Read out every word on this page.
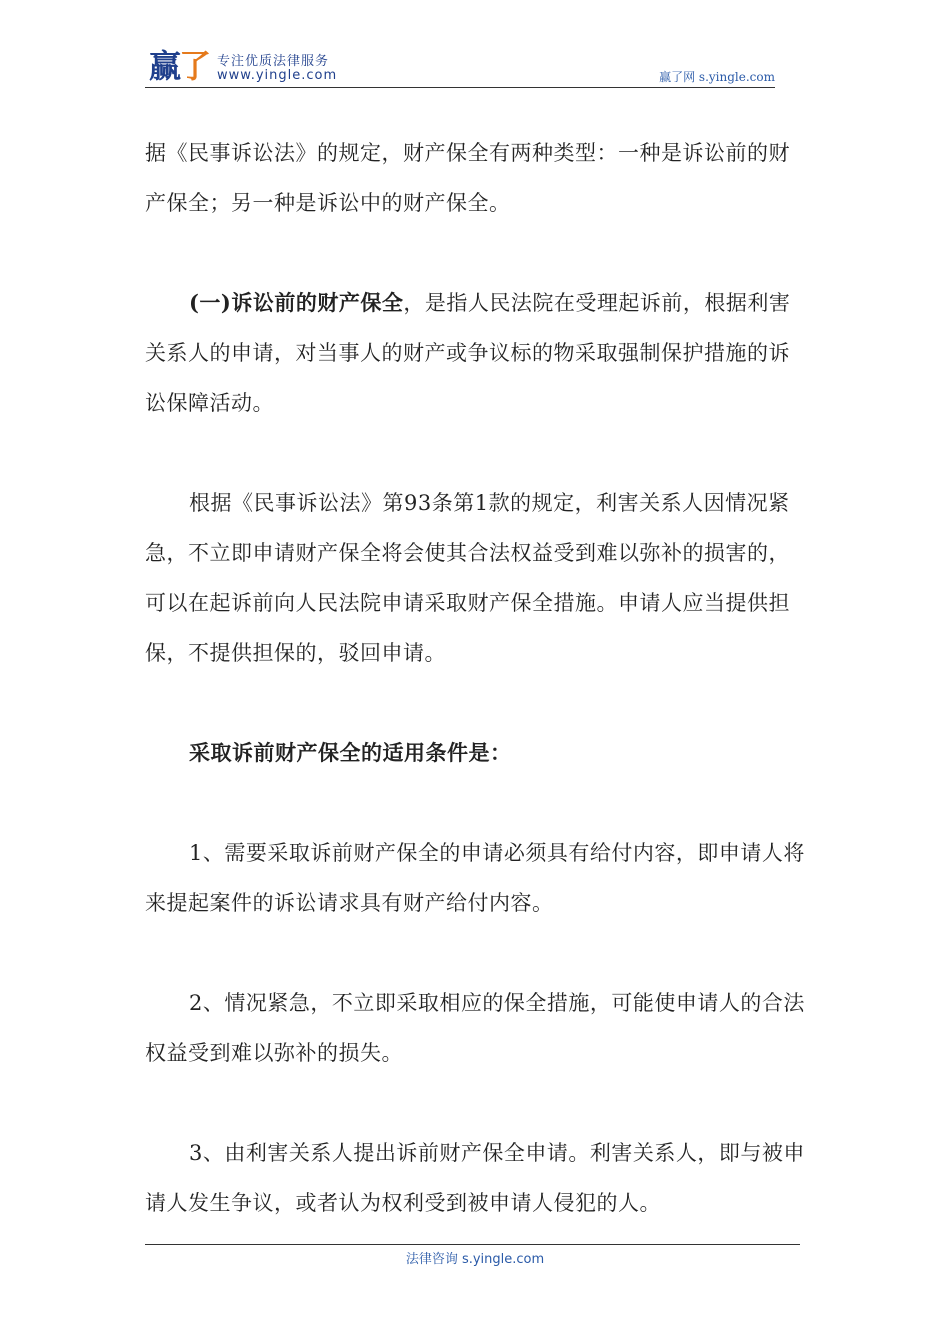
赢了 专注优质法律服务
www.yingle.com	赢了网 s.yingle.com

据《民事诉讼法》的规定，财产保全有两种类型：一种是诉讼前的财产保全；另一种是诉讼中的财产保全。

(一)诉讼前的财产保全，是指人民法院在受理起诉前，根据利害关系人的申请，对当事人的财产或争议标的物采取强制保护措施的诉讼保障活动。

根据《民事诉讼法》第93条第1款的规定，利害关系人因情况紧急，不立即申请财产保全将会使其合法权益受到难以弥补的损害的，可以在起诉前向人民法院申请采取财产保全措施。申请人应当提供担保，不提供担保的，驳回申请。

采取诉前财产保全的适用条件是：

1、需要采取诉前财产保全的申请必须具有给付内容，即申请人将来提起案件的诉讼请求具有财产给付内容。

2、情况紧急，不立即采取相应的保全措施，可能使申请人的合法权益受到难以弥补的损失。

3、由利害关系人提出诉前财产保全申请。利害关系人，即与被申请人发生争议，或者认为权利受到被申请人侵犯的人。

法律咨询 s.yingle.com
